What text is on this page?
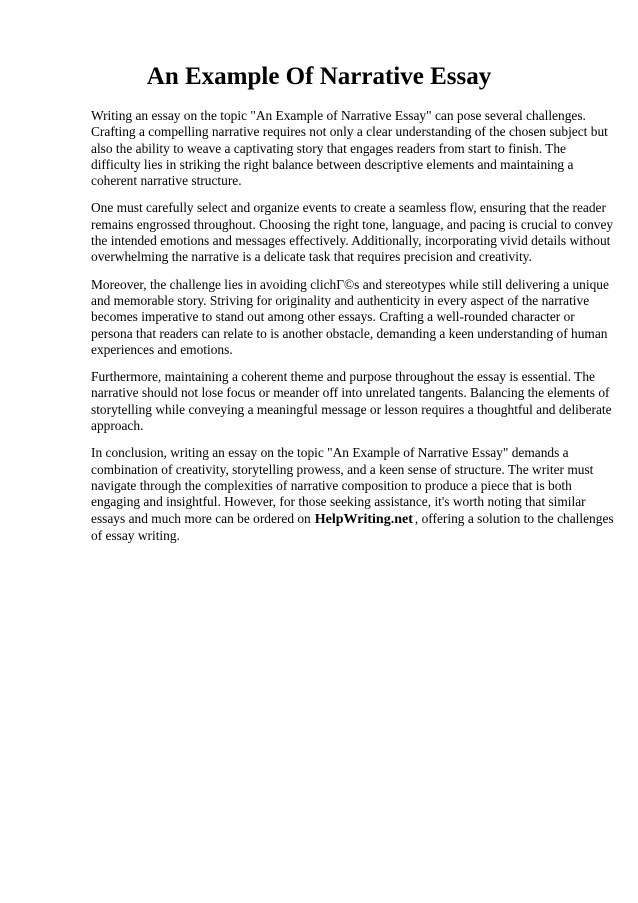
An Example Of Narrative Essay

Writing an essay on the topic "An Example of Narrative Essay" can pose several challenges.
Crafting a compelling narrative requires not only a clear understanding of the chosen subject but
also the ability to weave a captivating story that engages readers from start to finish. The
difficulty lies in striking the right balance between descriptive elements and maintaining a
coherent narrative structure.

One must carefully select and organize events to create a seamless flow, ensuring that the reader
remains engrossed throughout. Choosing the right tone, language, and pacing is crucial to convey
the intended emotions and messages effectively. Additionally, incorporating vivid details without
overwhelming the narrative is a delicate task that requires precision and creativity.

Moreover, the challenge lies in avoiding clichГ©s and stereotypes while still delivering a unique
and memorable story. Striving for originality and authenticity in every aspect of the narrative
becomes imperative to stand out among other essays. Crafting a well-rounded character or
persona that readers can relate to is another obstacle, demanding a keen understanding of human
experiences and emotions.

Furthermore, maintaining a coherent theme and purpose throughout the essay is essential. The
narrative should not lose focus or meander off into unrelated tangents. Balancing the elements of
storytelling while conveying a meaningful message or lesson requires a thoughtful and deliberate
approach.

In conclusion, writing an essay on the topic "An Example of Narrative Essay" demands a
combination of creativity, storytelling prowess, and a keen sense of structure. The writer must
navigate through the complexities of narrative composition to produce a piece that is both
engaging and insightful. However, for those seeking assistance, it's worth noting that similar
essays and much more can be ordered on HelpWriting.net , offering a solution to the challenges
of essay writing.
